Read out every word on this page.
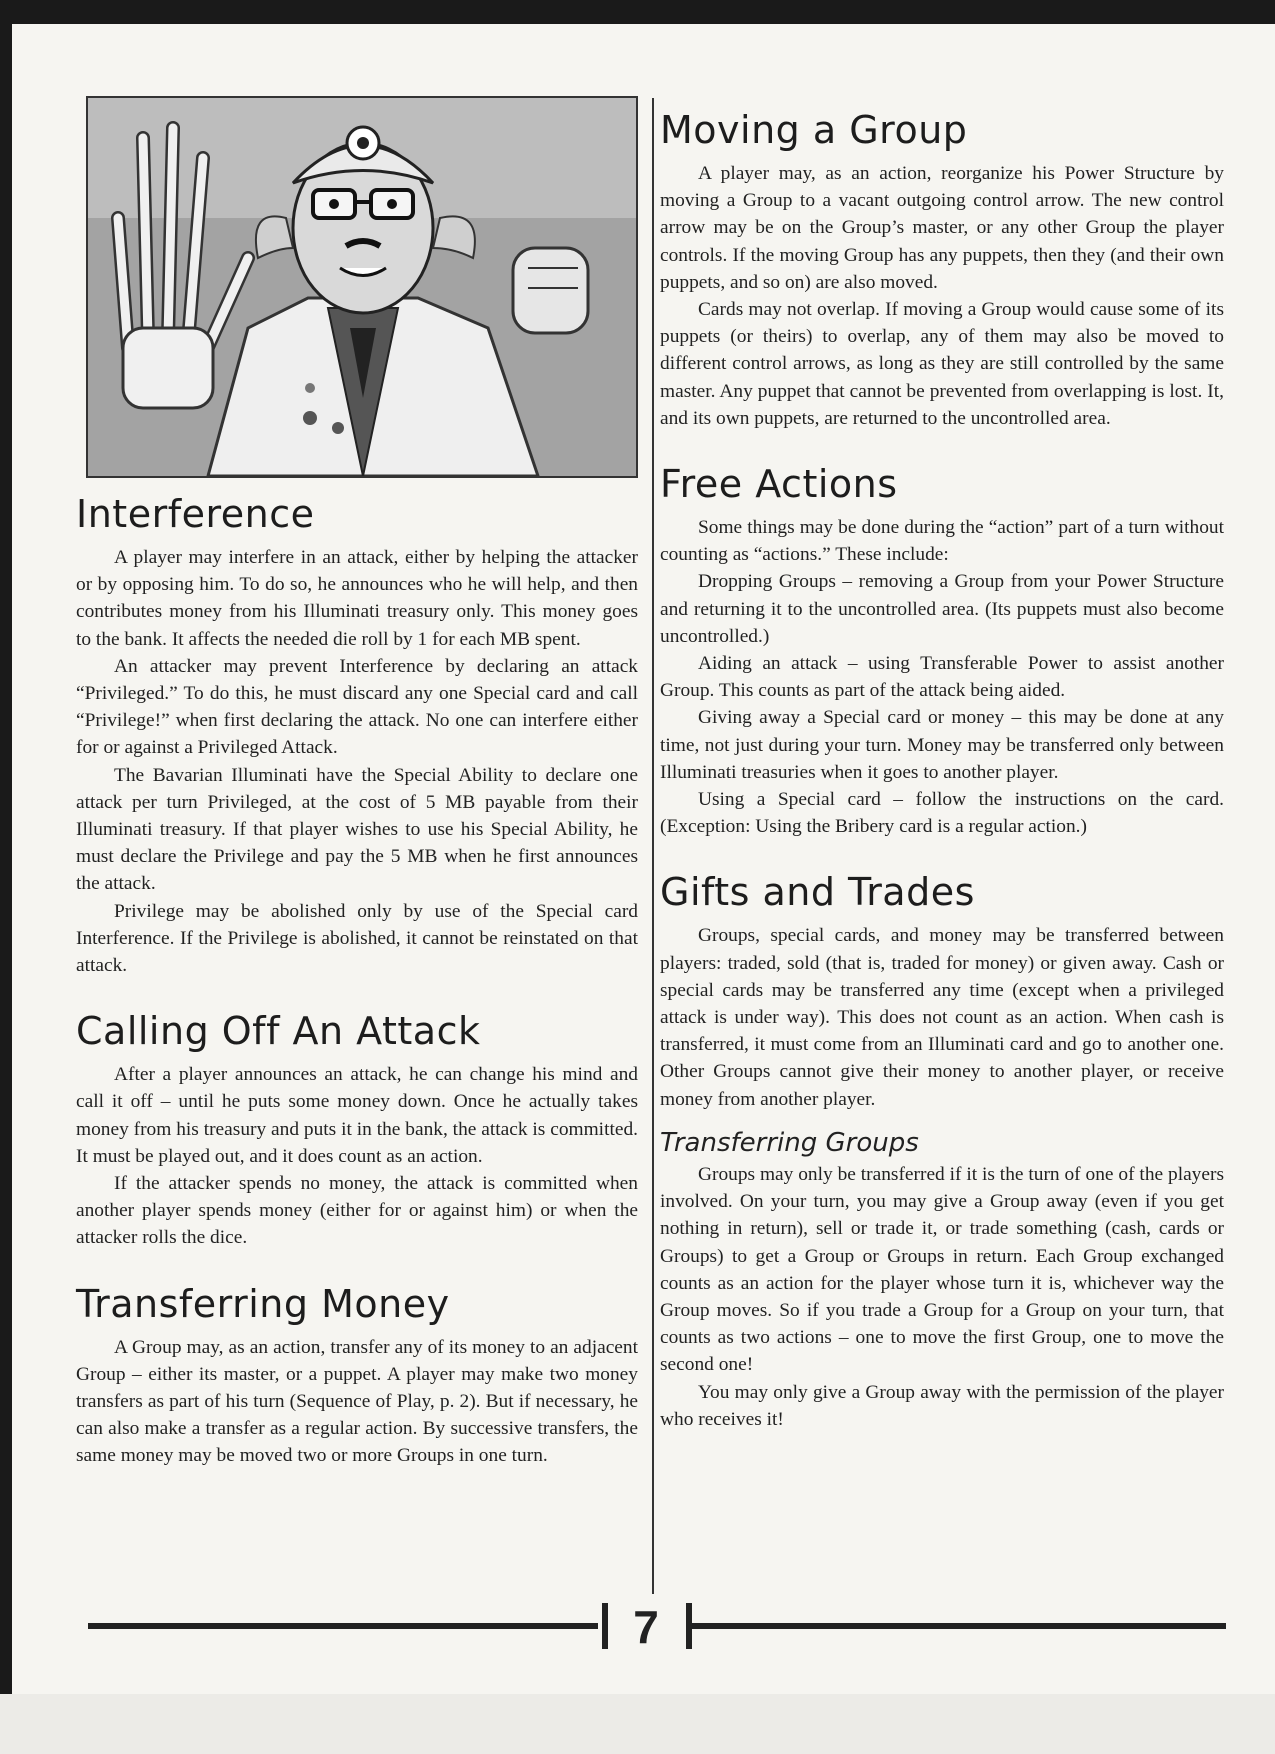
Interference

A player may interfere in an attack, either by helping the attacker or by opposing him. To do so, he announces who he will help, and then contributes money from his Illuminati treasury only. This money goes to the bank. It affects the needed die roll by 1 for each MB spent.

An attacker may prevent Interference by declaring an attack “Privileged.” To do this, he must discard any one Special card and call “Privilege!” when first declaring the attack. No one can interfere either for or against a Privileged Attack.

The Bavarian Illuminati have the Special Ability to declare one attack per turn Privileged, at the cost of 5 MB payable from their Illuminati treasury. If that player wishes to use his Special Ability, he must declare the Privilege and pay the 5 MB when he first announces the attack.

Privilege may be abolished only by use of the Special card Interference. If the Privilege is abolished, it cannot be reinstated on that attack.

Calling Off An Attack

After a player announces an attack, he can change his mind and call it off – until he puts some money down. Once he actually takes money from his treasury and puts it in the bank, the attack is committed. It must be played out, and it does count as an action.

If the attacker spends no money, the attack is committed when another player spends money (either for or against him) or when the attacker rolls the dice.

Transferring Money

A Group may, as an action, transfer any of its money to an adjacent Group – either its master, or a puppet. A player may make two money transfers as part of his turn (Sequence of Play, p. 2). But if necessary, he can also make a transfer as a regular action. By successive transfers, the same money may be moved two or more Groups in one turn.

Moving a Group

A player may, as an action, reorganize his Power Structure by moving a Group to a vacant outgoing control arrow. The new control arrow may be on the Group’s master, or any other Group the player controls. If the moving Group has any puppets, then they (and their own puppets, and so on) are also moved.

Cards may not overlap. If moving a Group would cause some of its puppets (or theirs) to overlap, any of them may also be moved to different control arrows, as long as they are still controlled by the same master. Any puppet that cannot be prevented from overlapping is lost. It, and its own puppets, are returned to the uncontrolled area.

Free Actions

Some things may be done during the “action” part of a turn without counting as “actions.” These include:

Dropping Groups – removing a Group from your Power Structure and returning it to the uncontrolled area. (Its puppets must also become uncontrolled.)

Aiding an attack – using Transferable Power to assist another Group. This counts as part of the attack being aided.

Giving away a Special card or money – this may be done at any time, not just during your turn. Money may be transferred only between Illuminati treasuries when it goes to another player.

Using a Special card – follow the instructions on the card. (Exception: Using the Bribery card is a regular action.)

Gifts and Trades

Groups, special cards, and money may be transferred between players: traded, sold (that is, traded for money) or given away. Cash or special cards may be transferred any time (except when a privileged attack is under way). This does not count as an action. When cash is transferred, it must come from an Illuminati card and go to another one. Other Groups cannot give their money to another player, or receive money from another player.

Transferring Groups

Groups may only be transferred if it is the turn of one of the players involved. On your turn, you may give a Group away (even if you get nothing in return), sell or trade it, or trade something (cash, cards or Groups) to get a Group or Groups in return. Each Group exchanged counts as an action for the player whose turn it is, whichever way the Group moves. So if you trade a Group for a Group on your turn, that counts as two actions – one to move the first Group, one to move the second one!

You may only give a Group away with the permission of the player who receives it!

7
